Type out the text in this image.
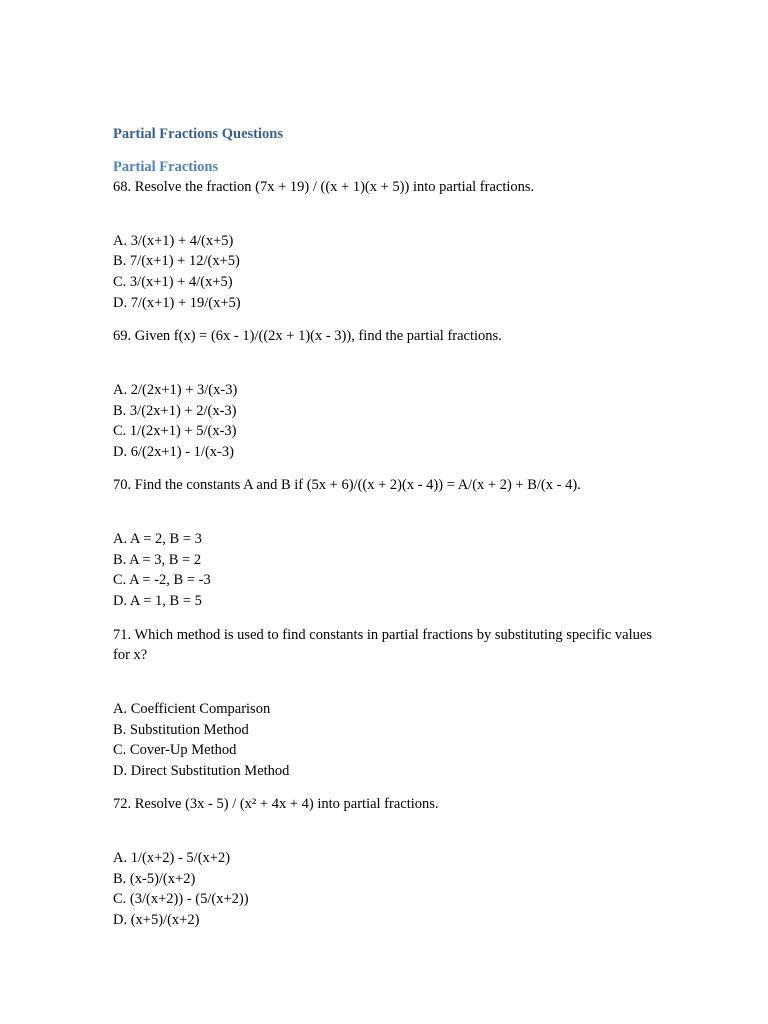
Partial Fractions Questions
Partial Fractions

68. Resolve the fraction (7x + 19) / ((x + 1)(x + 5)) into partial fractions.

A. 3/(x+1) + 4/(x+5)
B. 7/(x+1) + 12/(x+5)
C. 3/(x+1) + 4/(x+5)
D. 7/(x+1) + 19/(x+5)

69. Given f(x) = (6x - 1)/((2x + 1)(x - 3)), find the partial fractions.

A. 2/(2x+1) + 3/(x-3)
B. 3/(2x+1) + 2/(x-3)
C. 1/(2x+1) + 5/(x-3)
D. 6/(2x+1) - 1/(x-3)

70. Find the constants A and B if (5x + 6)/((x + 2)(x - 4)) = A/(x + 2) + B/(x - 4).

A. A = 2, B = 3
B. A = 3, B = 2
C. A = -2, B = -3
D. A = 1, B = 5

71. Which method is used to find constants in partial fractions by substituting specific values for x?

A. Coefficient Comparison
B. Substitution Method
C. Cover-Up Method
D. Direct Substitution Method

72. Resolve (3x - 5) / (x² + 4x + 4) into partial fractions.

A. 1/(x+2) - 5/(x+2)
B. (x-5)/(x+2)
C. (3/(x+2)) - (5/(x+2))
D. (x+5)/(x+2)
